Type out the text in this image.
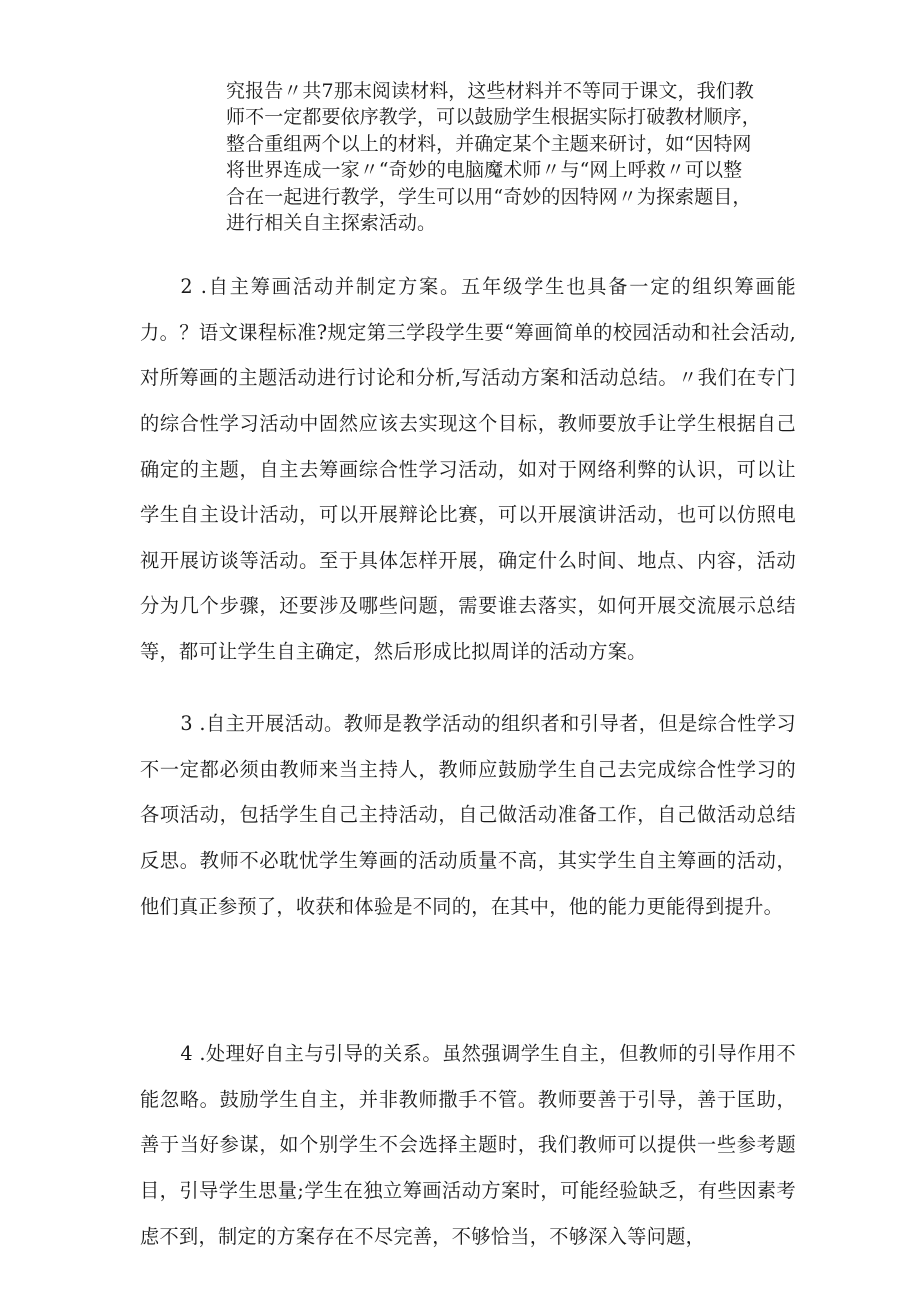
究报告〃共7那末阅读材料，这些材料并不等同于课文，我们教
师不一定都要依序教学，可以鼓励学生根据实际打破教材顺序，
整合重组两个以上的材料，并确定某个主题来研讨，如“因特网
将世界连成一家〃“奇妙的电脑魔术师〃与“网上呼救〃可以整
合在一起进行教学，学生可以用“奇妙的因特网〃为探索题目，
进行相关自主探索活动。

2 .自主筹画活动并制定方案。五年级学生也具备一定的组织筹画能力。？语文课程标准?规定第三学段学生要“筹画简单的校园活动和社会活动,对所筹画的主题活动进行讨论和分析,写活动方案和活动总结。〃我们在专门的综合性学习活动中固然应该去实现这个目标，教师要放手让学生根据自己确定的主题，自主去筹画综合性学习活动，如对于网络利弊的认识，可以让学生自主设计活动，可以开展辩论比赛，可以开展演讲活动，也可以仿照电视开展访谈等活动。至于具体怎样开展，确定什么时间、地点、内容，活动分为几个步骤，还要涉及哪些问题，需要谁去落实，如何开展交流展示总结等，都可让学生自主确定，然后形成比拟周详的活动方案。

3 .自主开展活动。教师是教学活动的组织者和引导者，但是综合性学习不一定都必须由教师来当主持人，教师应鼓励学生自己去完成综合性学习的各项活动，包括学生自己主持活动，自己做活动准备工作，自己做活动总结反思。教师不必耽忧学生筹画的活动质量不高，其实学生自主筹画的活动，他们真正参预了，收获和体验是不同的，在其中，他的能力更能得到提升。

4 .处理好自主与引导的关系。虽然强调学生自主，但教师的引导作用不能忽略。鼓励学生自主，并非教师撒手不管。教师要善于引导，善于匡助，善于当好参谋，如个别学生不会选择主题时，我们教师可以提供一些参考题目，引导学生思量;学生在独立筹画活动方案时，可能经验缺乏，有些因素考虑不到，制定的方案存在不尽完善，不够恰当，不够深入等问题，
